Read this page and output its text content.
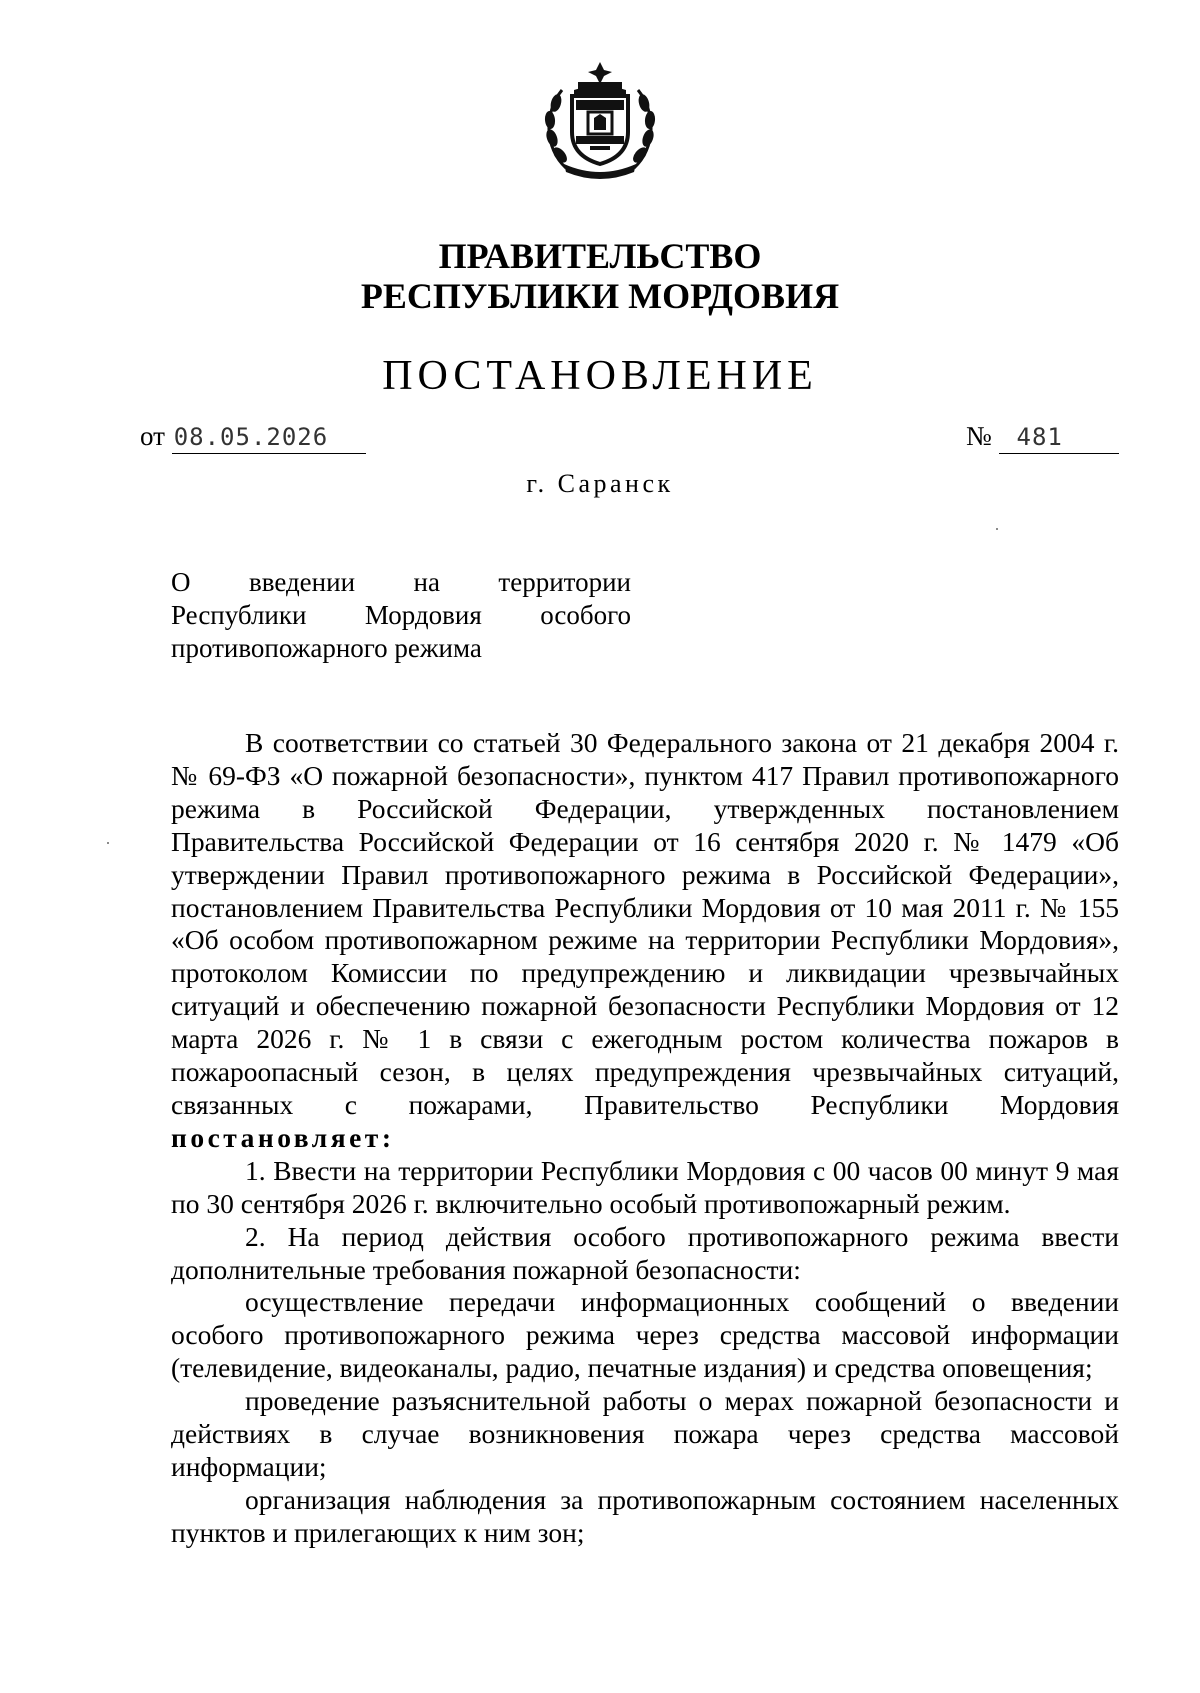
ПРАВИТЕЛЬСТВО
РЕСПУБЛИКИ МОРДОВИЯ
ПОСТАНОВЛЕНИЕ
от 08.05.2026	№ 481
г. Саранск
О введении на территории
Республики Мордовия особого
противопожарного режима

В соответствии со статьей 30 Федерального закона от 21 декабря 2004 г. № 69-ФЗ «О пожарной безопасности», пунктом 417 Правил противопожарного режима в Российской Федерации, утвержденных постановлением Правительства Российской Федерации от 16 сентября 2020 г. № 1479 «Об утверждении Правил противопожарного режима в Российской Федерации», постановлением Правительства Республики Мордовия от 10 мая 2011 г. № 155 «Об особом противопожарном режиме на территории Республики Мордовия», протоколом Комиссии по предупреждению и ликвидации чрезвычайных ситуаций и обеспечению пожарной безопасности Республики Мордовия от 12 марта 2026 г. № 1 в связи с ежегодным ростом количества пожаров в пожароопасный сезон, в целях предупреждения чрезвычайных ситуаций, связанных с пожарами, Правительство Республики Мордовия постановляет:

1. Ввести на территории Республики Мордовия с 00 часов 00 минут 9 мая по 30 сентября 2026 г. включительно особый противопожарный режим.

2. На период действия особого противопожарного режима ввести дополнительные требования пожарной безопасности:

осуществление передачи информационных сообщений о введении особого противопожарного режима через средства массовой информации (телевидение, видеоканалы, радио, печатные издания) и средства оповещения;

проведение разъяснительной работы о мерах пожарной безопасности и действиях в случае возникновения пожара через средства массовой информации;

организация наблюдения за противопожарным состоянием населенных пунктов и прилегающих к ним зон;
